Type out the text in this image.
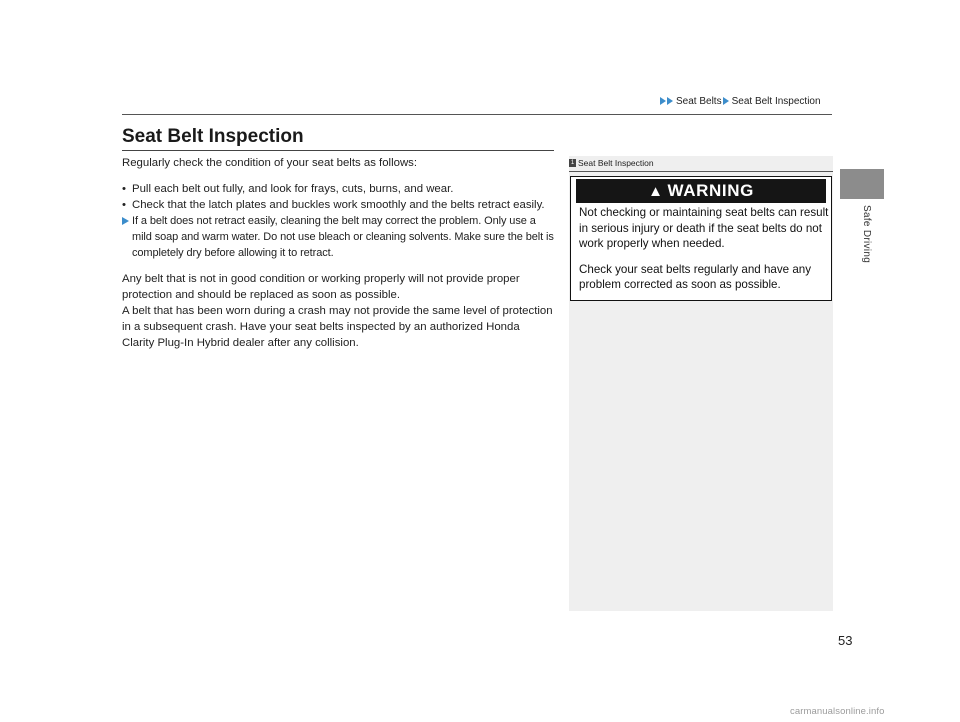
Seat Belts Seat Belt Inspection
Safe Driving
Seat Belt Inspection

Regularly check the condition of your seat belts as follows:

• Pull each belt out fully, and look for frays, cuts, burns, and wear.
• Check that the latch plates and buckles work smoothly and the belts retract easily.

If a belt does not retract easily, cleaning the belt may correct the problem. Only use a mild soap and warm water. Do not use bleach or cleaning solvents. Make sure the belt is completely dry before allowing it to retract.

Any belt that is not in good condition or working properly will not provide proper protection and should be replaced as soon as possible.

A belt that has been worn during a crash may not provide the same level of protection in a subsequent crash. Have your seat belts inspected by an authorized Honda Clarity Plug-In Hybrid dealer after any collision.

1 Seat Belt Inspection
▲ WARNING

Not checking or maintaining seat belts can result in serious injury or death if the seat belts do not work properly when needed.

Check your seat belts regularly and have any problem corrected as soon as possible.

53
carmanualsonline.info
